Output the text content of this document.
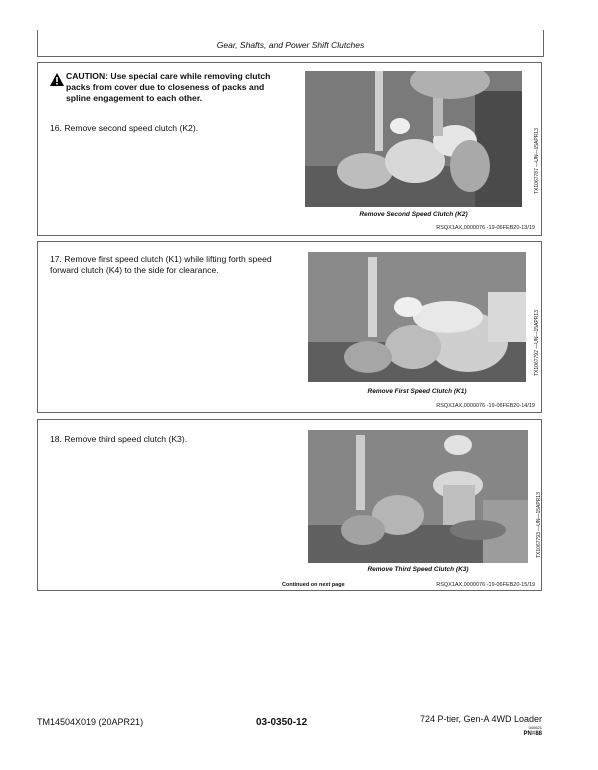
Gear, Shafts, and Power Shift Clutches
CAUTION: Use special care while removing clutch packs from cover due to closeness of packs and spline engagement to each other.
16. Remove second speed clutch (K2).
TX1067787 —UN—15APR13
Remove Second Speed Clutch (K2)
RSQX1AX,0000076 -19-06FEB20-13/19
17. Remove first speed clutch (K1) while lifting forth speed forward clutch (K4) to the side for clearance.
TX1067792 —UN—15APR13
Remove First Speed Clutch (K1)
RSQX1AX,0000076 -19-06FEB20-14/19
18. Remove third speed clutch (K3).
TX1067793 —UN—15APR13
Continued on next page
Remove Third Speed Clutch (K3)
RSQX1AX,0000076 -19-06FEB20-15/19
TM14504X019 (20APR21)	03-0350-12	724 P-tier, Gen-A 4WD Loader
040621
PN=88
